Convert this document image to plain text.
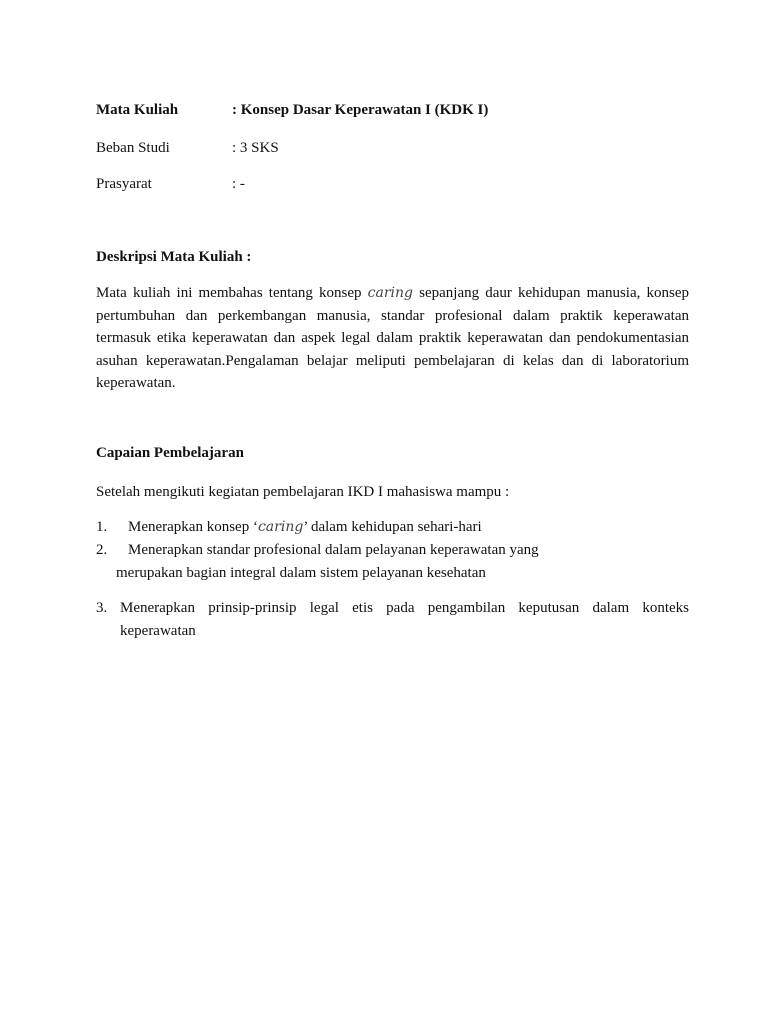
Mata Kuliah	: Konsep Dasar Keperawatan I (KDK I)
Beban Studi	: 3 SKS
Prasyarat	: -
Deskripsi Mata Kuliah :
Mata kuliah ini membahas tentang konsep caring sepanjang daur kehidupan manusia, konsep pertumbuhan dan perkembangan manusia, standar profesional dalam praktik keperawatan termasuk etika keperawatan dan aspek legal dalam praktik keperawatan dan pendokumentasian asuhan keperawatan.Pengalaman belajar meliputi pembelajaran di kelas dan di laboratorium keperawatan.
Capaian Pembelajaran
Setelah mengikuti kegiatan pembelajaran IKD I mahasiswa mampu :
1.	Menerapkan konsep ‘caring’ dalam kehidupan sehari-hari
2.	Menerapkan standar profesional dalam pelayanan keperawatan yang
merupakan bagian integral dalam sistem pelayanan kesehatan
3. Menerapkan prinsip-prinsip legal etis pada pengambilan keputusan dalam konteks keperawatan
